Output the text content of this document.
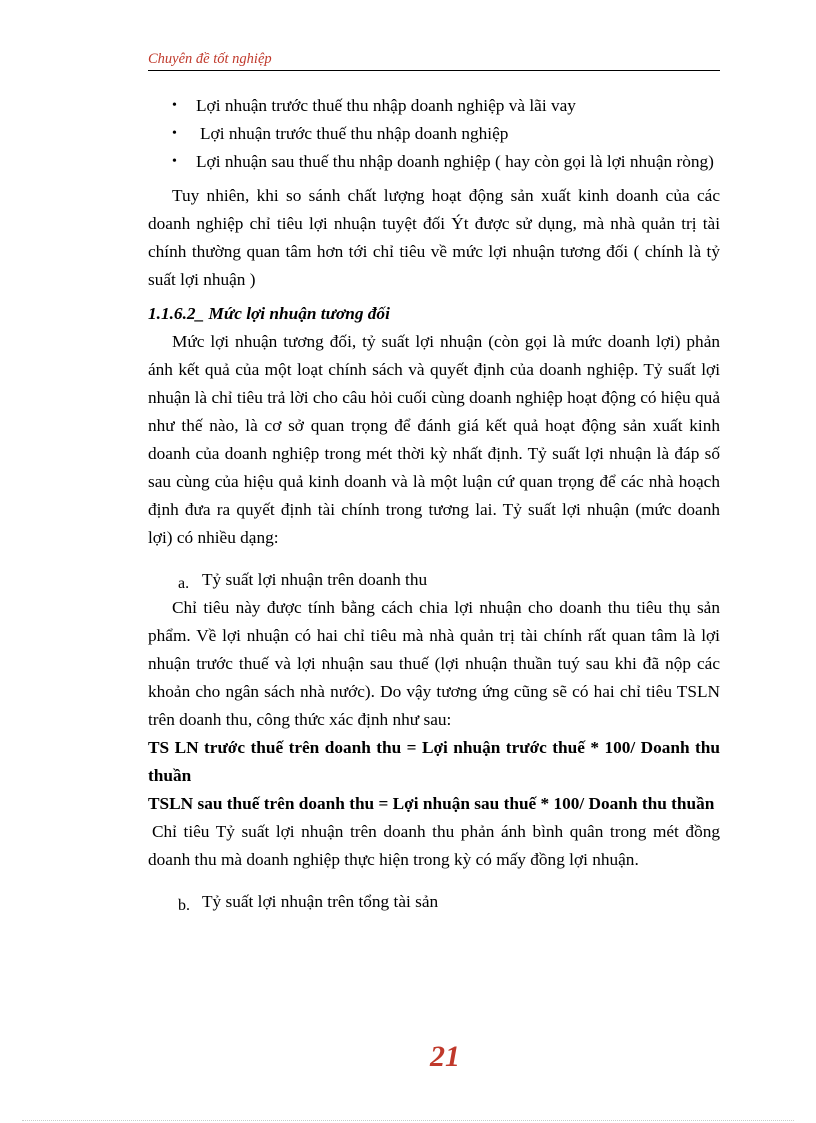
Chuyên đề tốt nghiệp

• Lợi nhuận trước thuế thu nhập doanh nghiệp và lãi vay

• Lợi nhuận trước thuế thu nhập doanh nghiệp

• Lợi nhuận sau thuế thu nhập doanh nghiệp ( hay còn gọi là lợi nhuận ròng)

Tuy nhiên, khi so sánh chất lượng hoạt động sản xuất kinh doanh của các doanh nghiệp chỉ tiêu lợi nhuận tuyệt đối Ýt được sử dụng, mà nhà quản trị tài chính thường quan tâm hơn tới chỉ tiêu về mức lợi nhuận tương đối ( chính là tỷ suất lợi nhuận )

1.1.6.2_ Mức lợi nhuận tương đối

Mức lợi nhuận tương đối, tỷ suất lợi nhuận (còn gọi là mức doanh lợi) phản ánh kết quả của một loạt chính sách và quyết định của doanh nghiệp. Tỷ suất lợi nhuận là chỉ tiêu trả lời cho câu hỏi cuối cùng doanh nghiệp hoạt động có hiệu quả như thế nào, là cơ sở quan trọng để đánh giá kết quả hoạt động sản xuất kinh doanh của doanh nghiệp trong mét thời kỳ nhất định. Tỷ suất lợi nhuận là đáp số sau cùng của hiệu quả kinh doanh và là một luận cứ quan trọng để các nhà hoạch định đưa ra quyết định tài chính trong tương lai. Tỷ suất lợi nhuận (mức doanh lợi) có nhiều dạng:

a. Tỷ suất lợi nhuận trên doanh thu

Chỉ tiêu này được tính bằng cách chia lợi nhuận cho doanh thu tiêu thụ sản phẩm. Về lợi nhuận có hai chỉ tiêu mà nhà quản trị tài chính rất quan tâm là lợi nhuận trước thuế và lợi nhuận sau thuế (lợi nhuận thuần tuý sau khi đã nộp các khoản cho ngân sách nhà nước). Do vậy tương ứng cũng sẽ có hai chỉ tiêu TSLN trên doanh thu, công thức xác định như sau:

TS LN trước thuế trên doanh thu = Lợi nhuận trước thuế * 100/ Doanh thu thuần

TSLN sau thuế trên doanh thu = Lợi nhuận sau thuế * 100/ Doanh thu thuần

Chỉ tiêu Tỷ suất lợi nhuận trên doanh thu phản ánh bình quân trong mét đồng doanh thu mà doanh nghiệp thực hiện trong kỳ có mấy đồng lợi nhuận.

b. Tỷ suất lợi nhuận trên tổng tài sản

21
